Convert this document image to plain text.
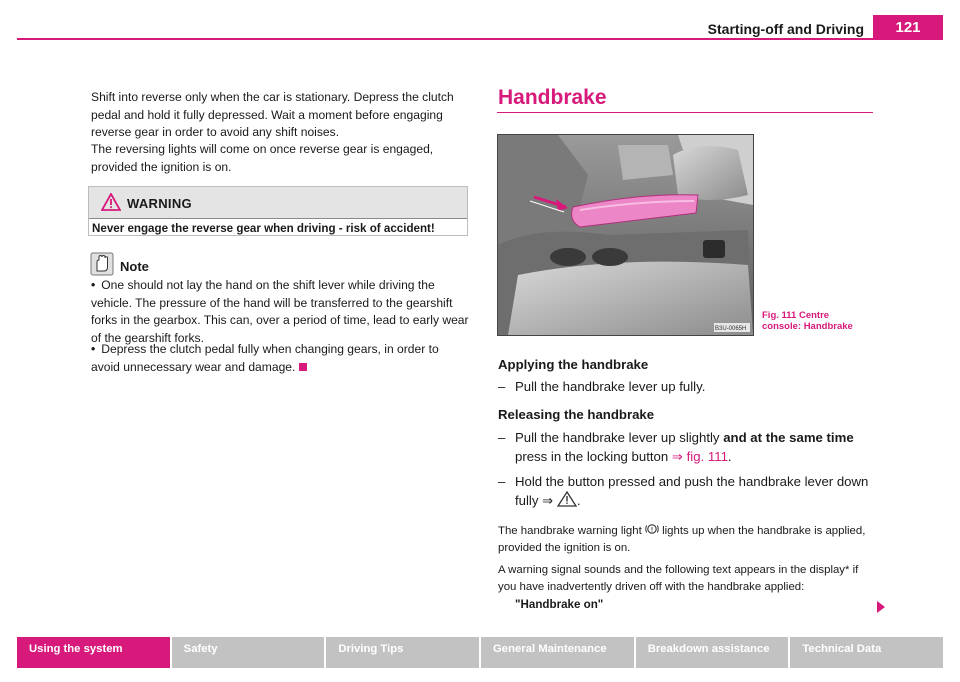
Starting-off and Driving	121

Shift into reverse only when the car is stationary. Depress the clutch pedal and hold it fully depressed. Wait a moment before engaging reverse gear in order to avoid any shift noises.

The reversing lights will come on once reverse gear is engaged, provided the ignition is on.

WARNING
Never engage the reverse gear when driving - risk of accident!
Note

• One should not lay the hand on the shift lever while driving the vehicle. The pressure of the hand will be transferred to the gearshift forks in the gearbox. This can, over a period of time, lead to early wear of the gearshift forks.

• Depress the clutch pedal fully when changing gears, in order to avoid unnecessary wear and damage.

Handbrake
B3U-0065H
Fig. 111 Centre
console: Handbrake
Applying the handbrake
– Pull the handbrake lever up fully.
Releasing the handbrake
– Pull the handbrake lever up slightly and at the same time
press in the locking button ⇒ fig. 111.
– Hold the button pressed and push the handbrake lever down fully ⇒ .

The handbrake warning light ! lights up when the handbrake is applied, provided the ignition is on.

A warning signal sounds and the following text appears in the display* if you have inadvertently driven off with the handbrake applied:

"Handbrake on"
Using the system	Safety	Driving Tips	General Maintenance	Breakdown assistance	Technical Data
